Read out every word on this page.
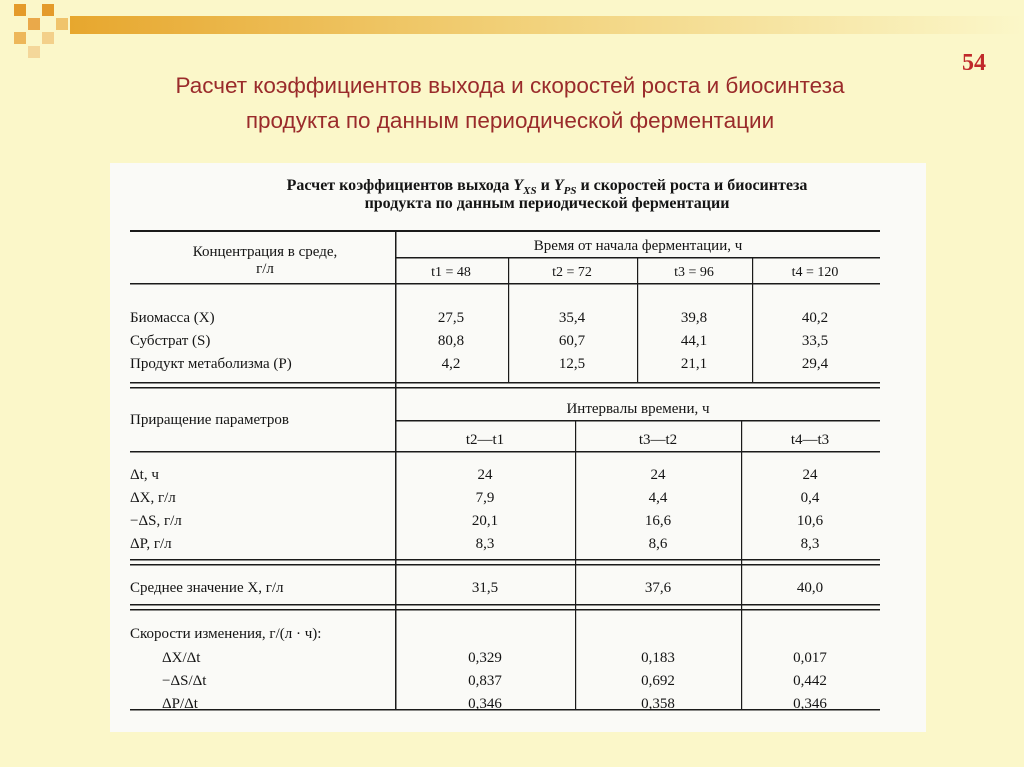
54
Расчет коэффициентов выхода и скоростей роста и биосинтеза
продукта по данным периодической ферментации
Расчет коэффициентов выхода $Y_{XS}$ и $Y_{PS}$ и скоростей роста и биосинтеза
продукта по данным периодической ферментации
Концентрация в среде,
г/л
Время от начала ферментации, ч
t1 = 48	t2 = 72	t3 = 96	t4 = 120
Биомасса (X)	27,5	35,4	39,8	40,2
Субстрат (S)	80,8	60,7	44,1	33,5
Продукт метаболизма (P)	4,2	12,5	21,1	29,4
Приращение параметров
Интервалы времени, ч
t2—t1	t3—t2	t4—t3
Δt, ч	24	24	24
ΔX, г/л	7,9	4,4	0,4
−ΔS, г/л	20,1	16,6	10,6
ΔP, г/л	8,3	8,6	8,3
Среднее значение X, г/л	31,5	37,6	40,0
Скорости изменения, г/(л · ч):
ΔX/Δt	0,329	0,183	0,017
−ΔS/Δt	0,837	0,692	0,442
ΔP/Δt	0,346	0,358	0,346
